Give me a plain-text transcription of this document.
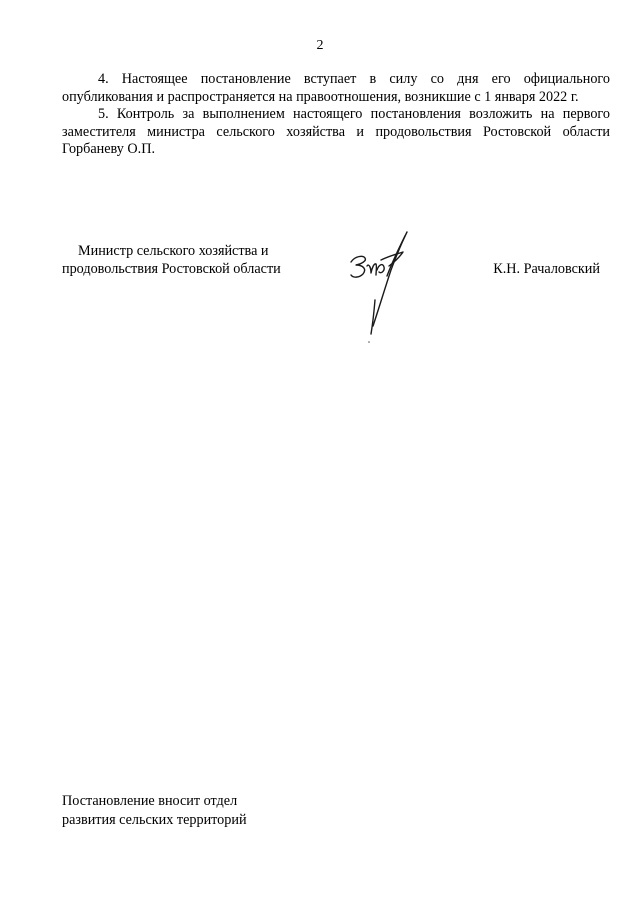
2

4. Настоящее постановление вступает в силу со дня его официального опубликования и распространяется на правоотношения, возникшие с 1 января 2022 г.

5. Контроль за выполнением настоящего постановления возложить на первого заместителя министра сельского хозяйства и продовольствия Ростовской области Горбаневу О.П.

Министр сельского хозяйства и
продовольствия Ростовской области	К.Н. Рачаловский
Постановление вносит отдел
развития сельских территорий
